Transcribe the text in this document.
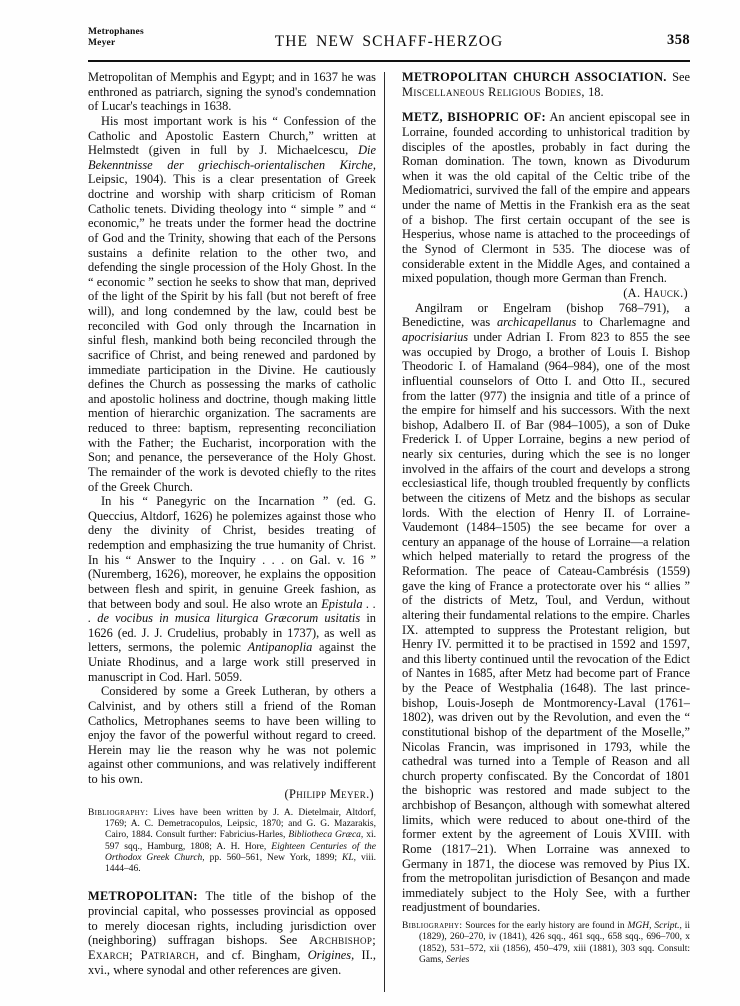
Metrophanes
Meyer	THE NEW SCHAFF-HERZOG	358

Metropolitan of Memphis and Egypt; and in 1637 he was enthroned as patriarch, signing the synod's condemnation of Lucar's teachings in 1638.

His most important work is his “ Confession of the Catholic and Apostolic Eastern Church,” written at Helmstedt (given in full by J. Michaelcescu, Die Bekenntnisse der griechisch-orientalischen Kirche, Leipsic, 1904). This is a clear presentation of Greek doctrine and worship with sharp criticism of Roman Catholic tenets. Dividing theology into “ simple ” and “ economic,” he treats under the former head the doctrine of God and the Trinity, showing that each of the Persons sustains a definite relation to the other two, and defending the single procession of the Holy Ghost. In the “ economic ” section he seeks to show that man, deprived of the light of the Spirit by his fall (but not bereft of free will), and long condemned by the law, could best be reconciled with God only through the Incarnation in sinful flesh, mankind both being reconciled through the sacrifice of Christ, and being renewed and pardoned by immediate participation in the Divine. He cautiously defines the Church as possessing the marks of catholic and apostolic holiness and doctrine, though making little mention of hierarchic organization. The sacraments are reduced to three: baptism, representing reconciliation with the Father; the Eucharist, incorporation with the Son; and penance, the perseverance of the Holy Ghost. The remainder of the work is devoted chiefly to the rites of the Greek Church.

In his “ Panegyric on the Incarnation ” (ed. G. Queccius, Altdorf, 1626) he polemizes against those who deny the divinity of Christ, besides treating of redemption and emphasizing the true humanity of Christ. In his “ Answer to the Inquiry . . . on Gal. v. 16 ” (Nuremberg, 1626), moreover, he explains the opposition between flesh and spirit, in genuine Greek fashion, as that between body and soul. He also wrote an Epistula . . . de vocibus in musica liturgica Græcorum usitatis in 1626 (ed. J. J. Crudelius, probably in 1737), as well as letters, sermons, the polemic Antipanoplia against the Uniate Rhodinus, and a large work still preserved in manuscript in Cod. Harl. 5059.

Considered by some a Greek Lutheran, by others a Calvinist, and by others still a friend of the Roman Catholics, Metrophanes seems to have been willing to enjoy the favor of the powerful without regard to creed. Herein may lie the reason why he was not polemic against other communions, and was relatively indifferent to his own.

(Philipp Meyer.)

Bibliography: Lives have been written by J. A. Dietelmair, Altdorf, 1769; A. C. Demetracopulos, Leipsic, 1870; and G. G. Mazarakis, Cairo, 1884. Consult further: Fabricius-Harles, Bibliotheca Græca, xi. 597 sqq., Hamburg, 1808; A. H. Hore, Eighteen Centuries of the Orthodox Greek Church, pp. 560–561, New York, 1899; KL, viii. 1444–46.

METROPOLITAN: The title of the bishop of the provincial capital, who possesses provincial as opposed to merely diocesan rights, including jurisdiction over (neighboring) suffragan bishops. See Archbishop; Exarch; Patriarch, and cf. Bingham, Origines, II., xvi., where synodal and other references are given.

METROPOLITAN CHURCH ASSOCIATION. See Miscellaneous Religious Bodies, 18.

METZ, BISHOPRIC OF: An ancient episcopal see in Lorraine, founded according to unhistorical tradition by disciples of the apostles, probably in fact during the Roman domination. The town, known as Divodurum when it was the old capital of the Celtic tribe of the Mediomatrici, survived the fall of the empire and appears under the name of Mettis in the Frankish era as the seat of a bishop. The first certain occupant of the see is Hesperius, whose name is attached to the proceedings of the Synod of Clermont in 535. The diocese was of considerable extent in the Middle Ages, and contained a mixed population, though more German than French.

(A. Hauck.)

Angilram or Engelram (bishop 768–791), a Benedictine, was archicapellanus to Charlemagne and apocrisiarius under Adrian I. From 823 to 855 the see was occupied by Drogo, a brother of Louis I. Bishop Theodoric I. of Hamaland (964–984), one of the most influential counselors of Otto I. and Otto II., secured from the latter (977) the insignia and title of a prince of the empire for himself and his successors. With the next bishop, Adalbero II. of Bar (984–1005), a son of Duke Frederick I. of Upper Lorraine, begins a new period of nearly six centuries, during which the see is no longer involved in the affairs of the court and develops a strong ecclesiastical life, though troubled frequently by conflicts between the citizens of Metz and the bishops as secular lords. With the election of Henry II. of Lorraine-Vaudemont (1484–1505) the see became for over a century an appanage of the house of Lorraine—a relation which helped materially to retard the progress of the Reformation. The peace of Cateau-Cambrésis (1559) gave the king of France a protectorate over his “ allies ” of the districts of Metz, Toul, and Verdun, without altering their fundamental relations to the empire. Charles IX. attempted to suppress the Protestant religion, but Henry IV. permitted it to be practised in 1592 and 1597, and this liberty continued until the revocation of the Edict of Nantes in 1685, after Metz had become part of France by the Peace of Westphalia (1648). The last prince-bishop, Louis-Joseph de Montmorency-Laval (1761–1802), was driven out by the Revolution, and even the “ constitutional bishop of the department of the Moselle,” Nicolas Francin, was imprisoned in 1793, while the cathedral was turned into a Temple of Reason and all church property confiscated. By the Concordat of 1801 the bishopric was restored and made subject to the archbishop of Besançon, although with somewhat altered limits, which were reduced to about one-third of the former extent by the agreement of Louis XVIII. with Rome (1817–21). When Lorraine was annexed to Germany in 1871, the diocese was removed by Pius IX. from the metropolitan jurisdiction of Besançon and made immediately subject to the Holy See, with a further readjustment of boundaries.

Bibliography: Sources for the early history are found in MGH, Script., ii (1829), 260–270, iv (1841), 426 sqq., 461 sqq., 658 sqq., 696–700, x (1852), 531–572, xii (1856), 450–479, xiii (1881), 303 sqq. Consult: Gams, Series
